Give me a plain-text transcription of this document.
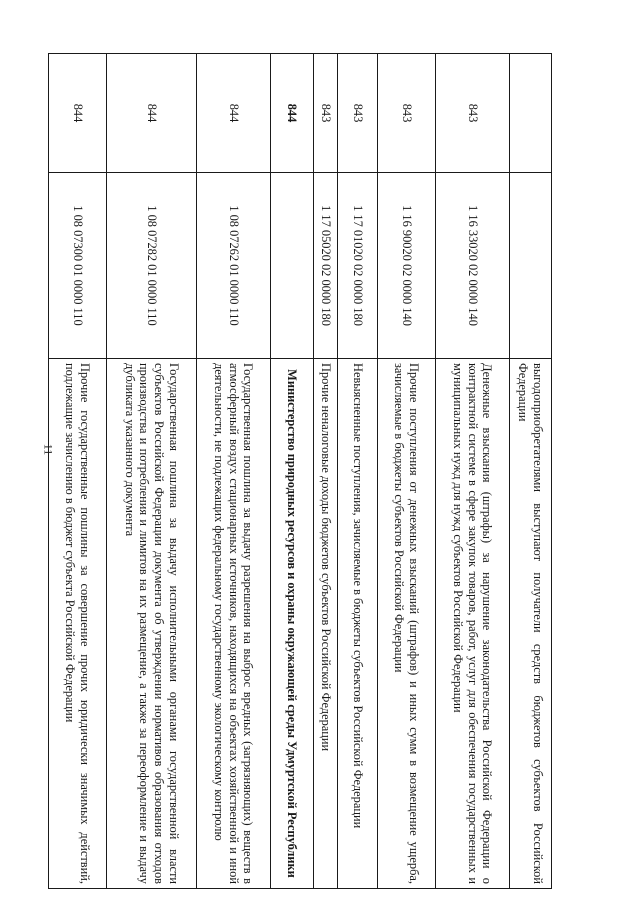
11
			выгодоприобретателями выступают получатели средств бюджетов субъектов Российской Федерации
843	1 16 33020 02 0000 140	Денежные взыскания (штрафы) за нарушение законодательства Российской Федерации о контрактной системе в сфере закупок товаров, работ, услуг для обеспечения государственных и муниципальных нужд для нужд субъектов Российской Федерации
843	1 16 90020 02 0000 140	Прочие поступления от денежных взысканий (штрафов) и иных сумм в возмещение ущерба, зачисляемые в бюджеты субъектов Российской Федерации
843	1 17 01020 02 0000 180	Невыясненные поступления, зачисляемые в бюджеты субъектов Российской Федерации
843	1 17 05020 02 0000 180	Прочие неналоговые доходы бюджетов субъектов Российской Федерации
844		Министерство природных ресурсов и охраны окружающей среды Удмуртской Республики
844	1 08 07262 01 0000 110	Государственная пошлина за выдачу разрешения на выброс вредных (загрязняющих) веществ в атмосферный воздух стационарных источников, находящихся на объектах хозяйственной и иной деятельности, не подлежащих федеральному государственному экологическому контролю
844	1 08 07282 01 0000 110	Государственная пошлина за выдачу исполнительными органами государственной власти субъектов Российской Федерации документа об утверждении нормативов образования отходов производства и потребления и лимитов на их размещение, а также за переоформление и выдачу дубликата указанного документа
844	1 08 07300 01 0000 110	Прочие государственные пошлины за совершение прочих юридически значимых действий, подлежащие зачислению в бюджет субъекта Российской Федерации
